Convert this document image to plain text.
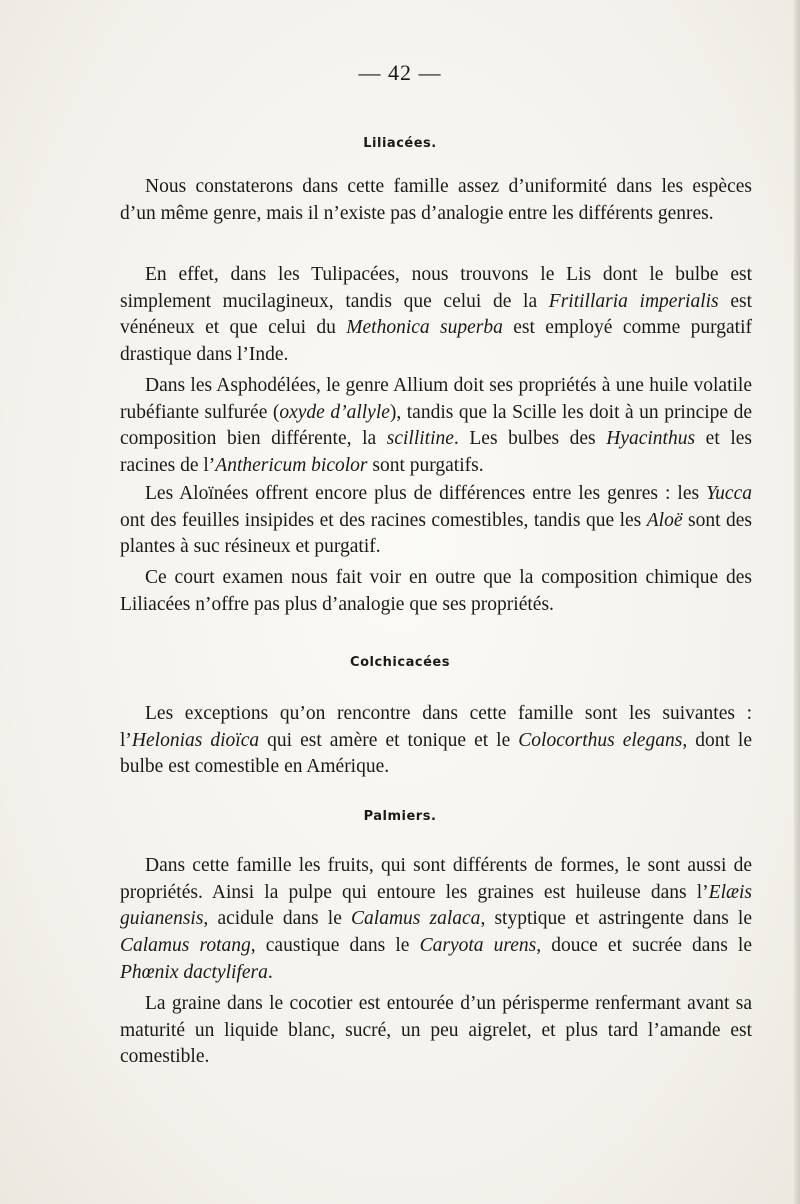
— 42 —
Liliacées.

Nous constaterons dans cette famille assez d’uniformité dans les espèces d’un même genre, mais il n’existe pas d’analogie entre les différents genres.

En effet, dans les Tulipacées, nous trouvons le Lis dont le bulbe est simplement mucilagineux, tandis que celui de la Fritillaria imperialis est vénéneux et que celui du Methonica superba est employé comme purgatif drastique dans l’Inde.

Dans les Asphodélées, le genre Allium doit ses propriétés à une huile volatile rubéfiante sulfurée (oxyde d’allyle), tandis que la Scille les doit à un principe de composition bien différente, la scillitine. Les bulbes des Hyacinthus et les racines de l’Anthericum bicolor sont purgatifs.

Les Aloïnées offrent encore plus de différences entre les genres : les Yucca ont des feuilles insipides et des racines comestibles, tandis que les Aloë sont des plantes à suc résineux et purgatif.

Ce court examen nous fait voir en outre que la composition chimique des Liliacées n’offre pas plus d’analogie que ses propriétés.

Colchicacées

Les exceptions qu’on rencontre dans cette famille sont les suivantes : l’Helonias dioïca qui est amère et tonique et le Colocorthus elegans, dont le bulbe est comestible en Amérique.

Palmiers.

Dans cette famille les fruits, qui sont différents de formes, le sont aussi de propriétés. Ainsi la pulpe qui entoure les graines est huileuse dans l’Elæis guianensis, acidule dans le Calamus zalaca, styptique et astringente dans le Calamus rotang, caustique dans le Caryota urens, douce et sucrée dans le Phœnix dactylifera.

La graine dans le cocotier est entourée d’un périsperme renfermant avant sa maturité un liquide blanc, sucré, un peu aigrelet, et plus tard l’amande est comestible.
